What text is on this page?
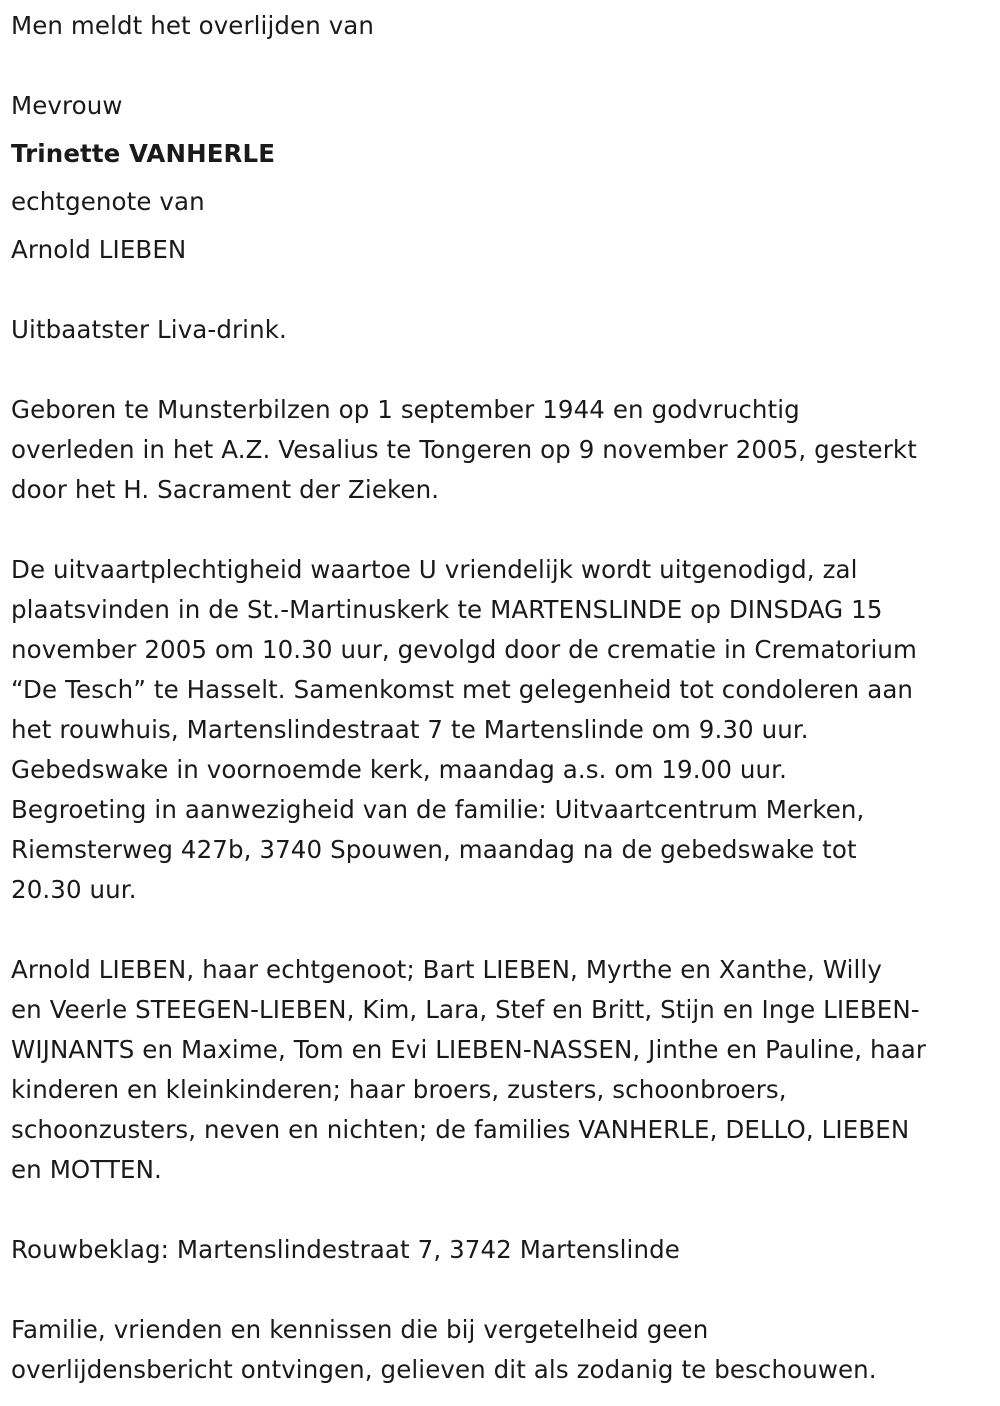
Men meldt het overlijden van
Mevrouw
Trinette VANHERLE
echtgenote van
Arnold LIEBEN
Uitbaatster Liva-drink.
Geboren te Munsterbilzen op 1 september 1944 en godvruchtig
overleden in het A.Z. Vesalius te Tongeren op 9 november 2005, gesterkt
door het H. Sacrament der Zieken.
De uitvaartplechtigheid waartoe U vriendelijk wordt uitgenodigd, zal
plaatsvinden in de St.-Martinuskerk te MARTENSLINDE op DINSDAG 15
november 2005 om 10.30 uur, gevolgd door de crematie in Crematorium
“De Tesch” te Hasselt. Samenkomst met gelegenheid tot condoleren aan
het rouwhuis, Martenslindestraat 7 te Martenslinde om 9.30 uur.
Gebedswake in voornoemde kerk, maandag a.s. om 19.00 uur.
Begroeting in aanwezigheid van de familie: Uitvaartcentrum Merken,
Riemsterweg 427b, 3740 Spouwen, maandag na de gebedswake tot
20.30 uur.
Arnold LIEBEN, haar echtgenoot; Bart LIEBEN, Myrthe en Xanthe, Willy
en Veerle STEEGEN-LIEBEN, Kim, Lara, Stef en Britt, Stijn en Inge LIEBEN-
WIJNANTS en Maxime, Tom en Evi LIEBEN-NASSEN, Jinthe en Pauline, haar
kinderen en kleinkinderen; haar broers, zusters, schoonbroers,
schoonzusters, neven en nichten; de families VANHERLE, DELLO, LIEBEN
en MOTTEN.
Rouwbeklag: Martenslindestraat 7, 3742 Martenslinde
Familie, vrienden en kennissen die bij vergetelheid geen
overlijdensbericht ontvingen, gelieven dit als zodanig te beschouwen.
